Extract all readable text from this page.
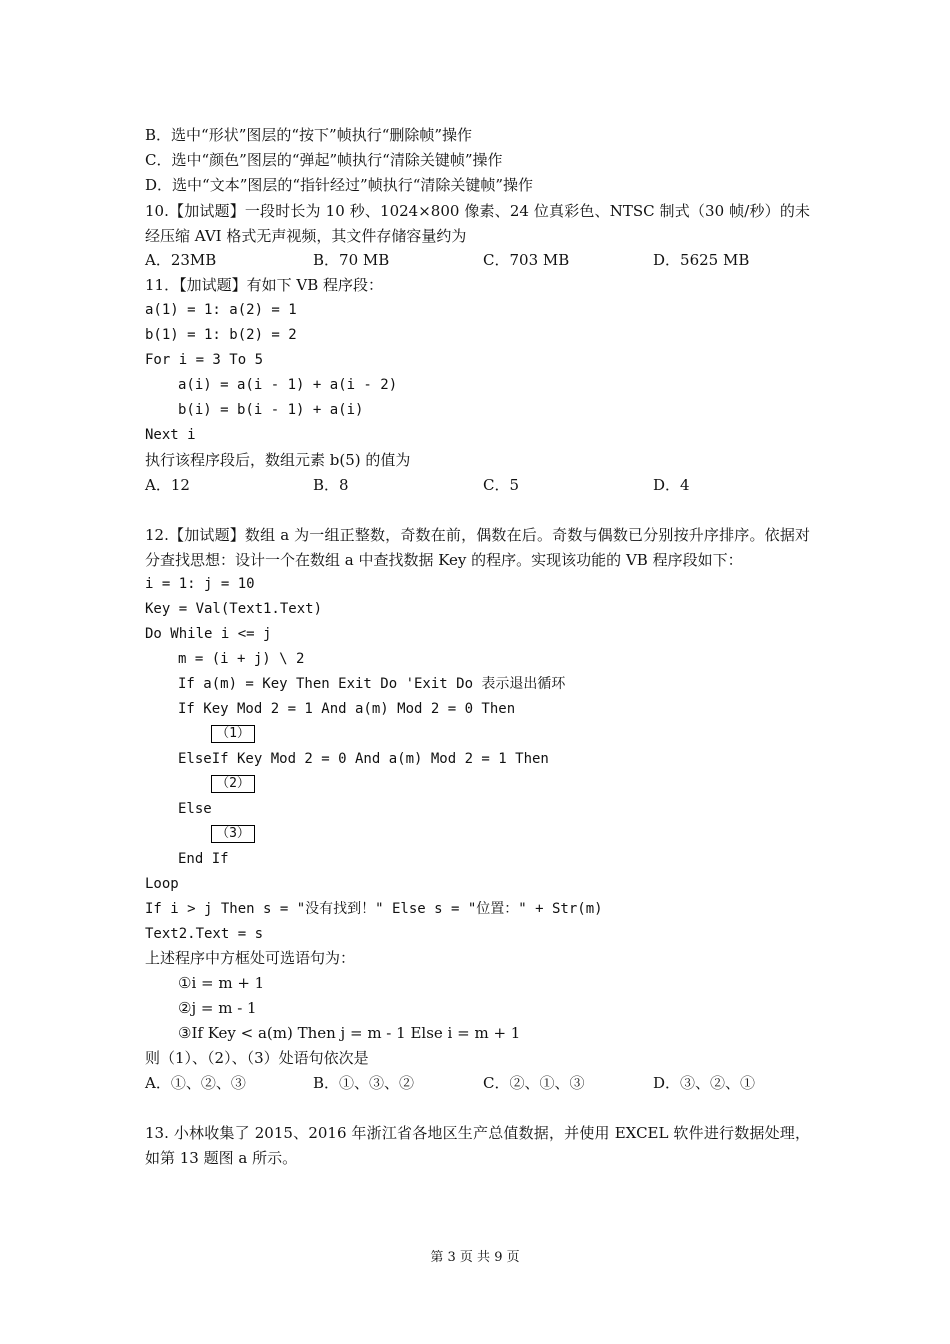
B．选中“形状”图层的“按下”帧执行“删除帧”操作
C．选中“颜色”图层的“弹起”帧执行“清除关键帧”操作
D．选中“文本”图层的“指针经过”帧执行“清除关键帧”操作
10.【加试题】一段时长为 10 秒、1024×800 像素、24 位真彩色、NTSC 制式（30 帧/秒）的未经压缩 AVI 格式无声视频，其文件存储容量约为
A．23MB	B．70 MB	C．703 MB	D．5625 MB
11．【加试题】有如下 VB 程序段：
a(1) = 1: a(2) = 1
b(1) = 1: b(2) = 2
For i = 3 To 5
a(i) = a(i - 1) + a(i - 2)
b(i) = b(i - 1) + a(i)
Next i
执行该程序段后，数组元素 b(5) 的值为
A．12	B．8	C．5	D．4
12.【加试题】数组 a 为一组正整数，奇数在前，偶数在后。奇数与偶数已分别按升序排序。依据对分查找思想：设计一个在数组 a 中查找数据 Key 的程序。实现该功能的 VB 程序段如下：
i = 1: j = 10
Key = Val(Text1.Text)
Do While i <= j
m = (i + j) \ 2
If a(m) = Key Then Exit Do 'Exit Do 表示退出循环
If Key Mod 2 = 1 And a(m) Mod 2 = 0 Then
（1）
ElseIf Key Mod 2 = 0 And a(m) Mod 2 = 1 Then
（2）
Else
（3）
End If
Loop
If i > j Then s = "没有找到！" Else s = "位置：" + Str(m)
Text2.Text = s
上述程序中方框处可选语句为：
①i = m + 1
②j = m - 1
③If Key < a(m) Then j = m - 1 Else i = m + 1
则（1）、（2）、（3）处语句依次是
A．①、②、③	B．①、③、②	C．②、①、③	D．③、②、①
13. 小林收集了 2015、2016 年浙江省各地区生产总值数据，并使用 EXCEL 软件进行数据处理，如第 13 题图 a 所示。
第 3 页 共 9 页
